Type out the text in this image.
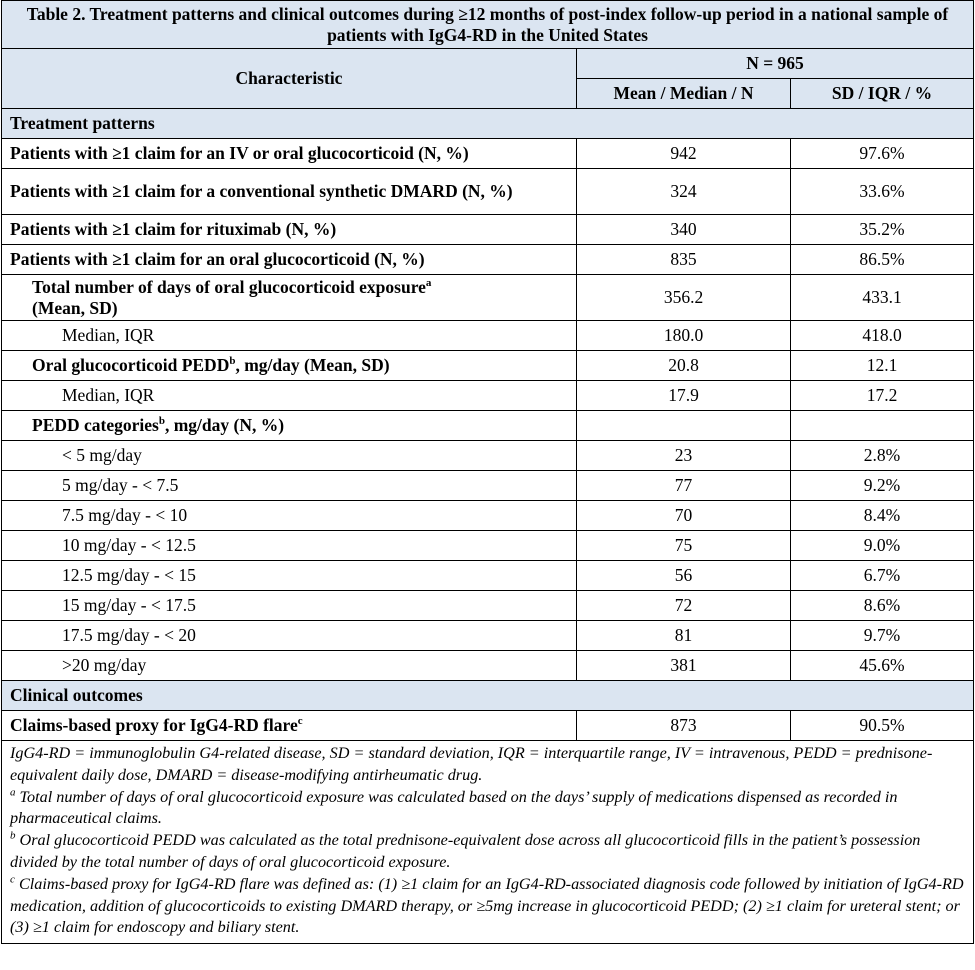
Table 2. Treatment patterns and clinical outcomes during ≥12 months of post-index follow-up period in a national sample of patients with IgG4-RD in the United States		
Characteristic	N = 965	
	Mean / Median / N	SD / IQR / %
Treatment patterns		
Patients with ≥1 claim for an IV or oral glucocorticoid (N, %)	942	97.6%
Patients with ≥1 claim for a conventional synthetic DMARD (N, %)	324	33.6%
Patients with ≥1 claim for rituximab (N, %)	340	35.2%
Patients with ≥1 claim for an oral glucocorticoid (N, %)	835	86.5%
Total number of days of oral glucocorticoid exposure$^a$
(Mean, SD)	356.2	433.1
Median, IQR	180.0	418.0
Oral glucocorticoid PEDD$^b$, mg/day (Mean, SD)	20.8	12.1
Median, IQR	17.9	17.2
PEDD categories$^b$, mg/day (N, %)		
< 5 mg/day	23	2.8%
5 mg/day - < 7.5	77	9.2%
7.5 mg/day - < 10	70	8.4%
10 mg/day - < 12.5	75	9.0%
12.5 mg/day - < 15	56	6.7%
15 mg/day - < 17.5	72	8.6%
17.5 mg/day - < 20	81	9.7%
>20 mg/day	381	45.6%
Clinical outcomes		
Claims-based proxy for IgG4-RD flare$^c$	873	90.5%

IgG4-RD = immunoglobulin G4-related disease, SD = standard deviation, IQR = interquartile range, IV = intravenous, PEDD = prednisone-equivalent daily dose, DMARD = disease-modifying antirheumatic drug.
$^a$ Total number of days of oral glucocorticoid exposure was calculated based on the days’ supply of medications dispensed as recorded in pharmaceutical claims.
$^b$ Oral glucocorticoid PEDD was calculated as the total prednisone-equivalent dose across all glucocorticoid fills in the patient’s possession divided by the total number of days of oral glucocorticoid exposure.
$^c$ Claims-based proxy for IgG4-RD flare was defined as: (1) ≥1 claim for an IgG4-RD-associated diagnosis code followed by initiation of IgG4-RD medication, addition of glucocorticoids to existing DMARD therapy, or ≥5mg increase in glucocorticoid PEDD; (2) ≥1 claim for ureteral stent; or (3) ≥1 claim for endoscopy and biliary stent.		
